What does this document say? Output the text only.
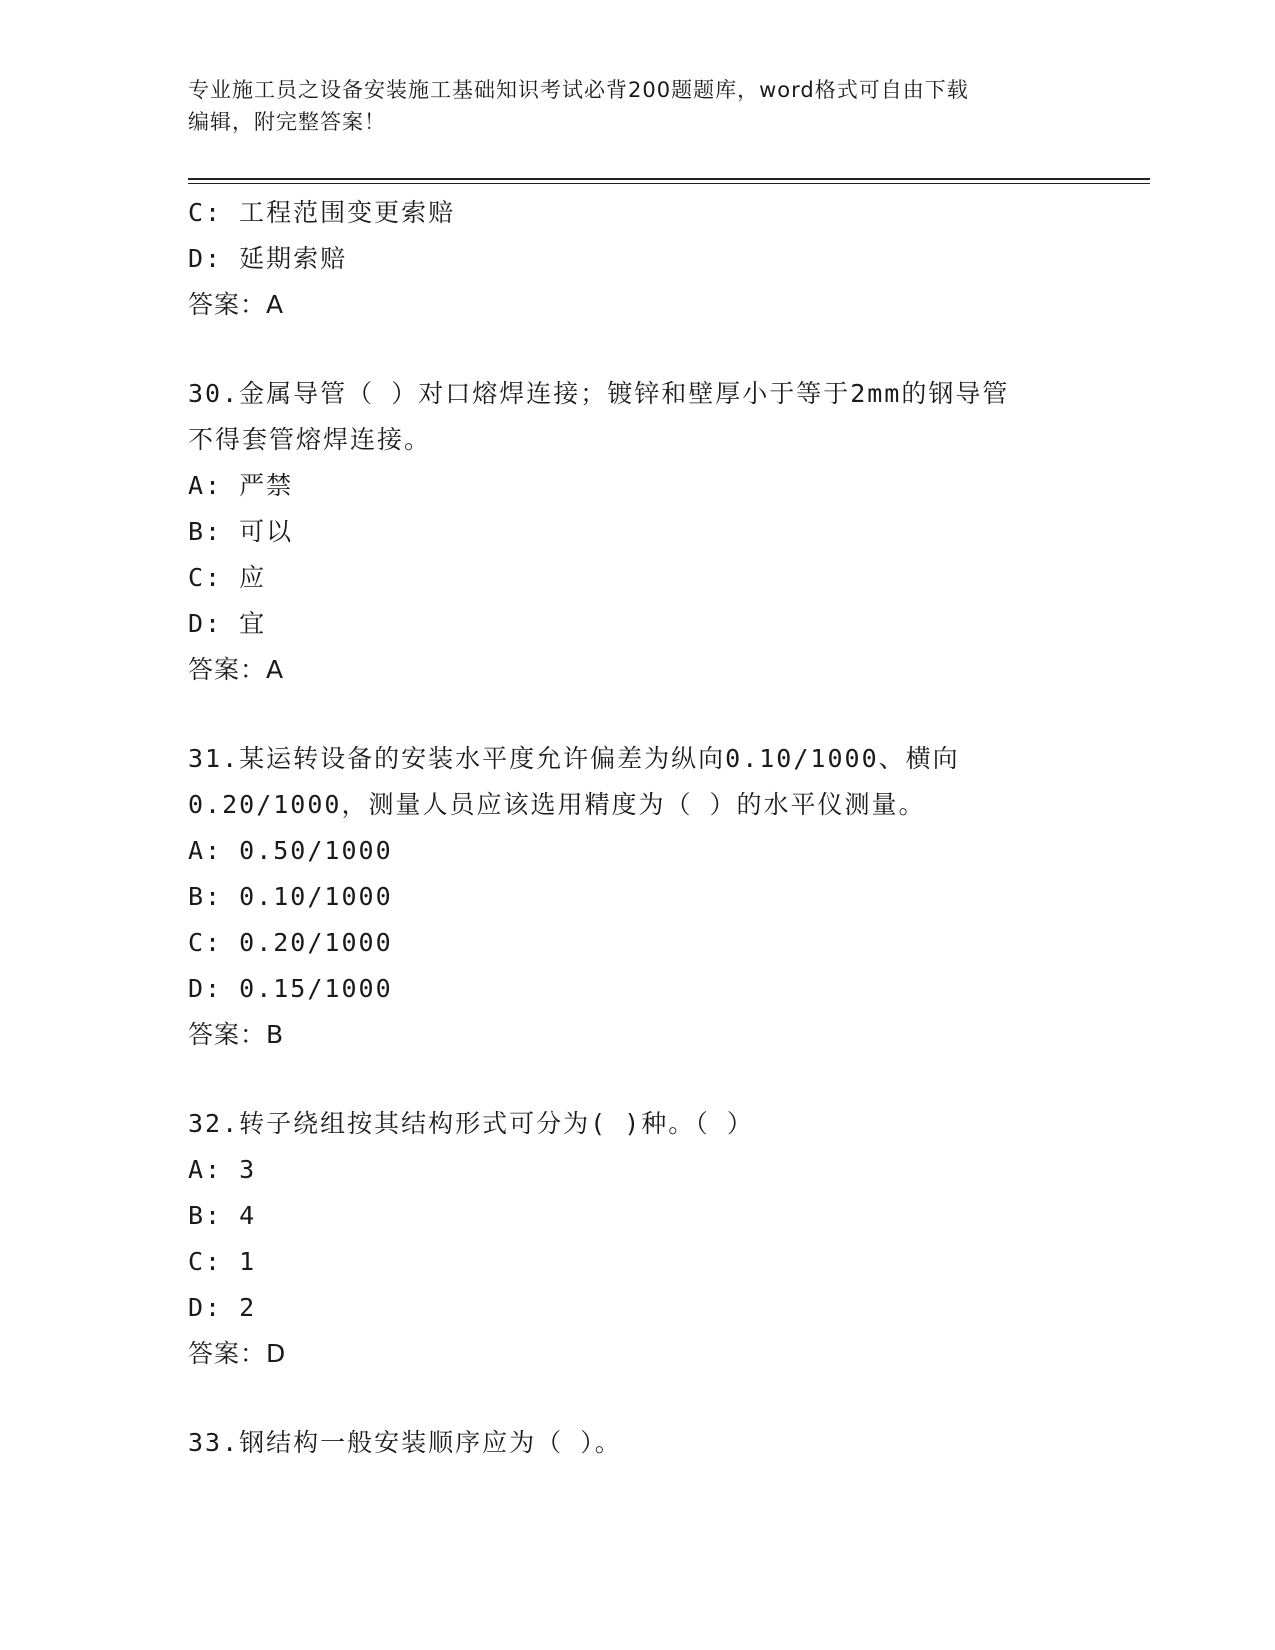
专业施工员之设备安装施工基础知识考试必背200题题库，word格式可自由下载
编辑，附完整答案！
C: 工程范围变更索赔
D: 延期索赔
答案：A
30.金属导管（ ）对口熔焊连接；镀锌和壁厚小于等于2mm的钢导管
不得套管熔焊连接。
A: 严禁
B: 可以
C: 应
D: 宜
答案：A
31.某运转设备的安装水平度允许偏差为纵向0.10/1000、横向
0.20/1000，测量人员应该选用精度为（ ）的水平仪测量。
A: 0.50/1000
B: 0.10/1000
C: 0.20/1000
D: 0.15/1000
答案：B
32.转子绕组按其结构形式可分为( )种。（ ）
A: 3
B: 4
C: 1
D: 2
答案：D
33.钢结构一般安装顺序应为（ ）。
